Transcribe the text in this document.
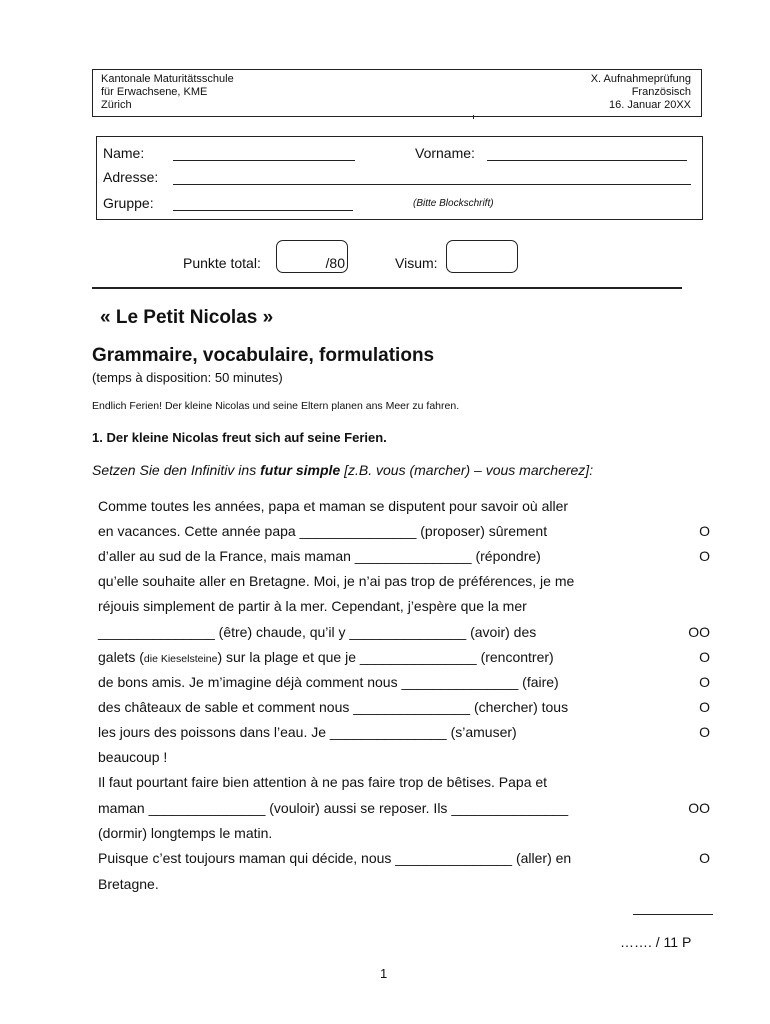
Kantonale Maturitätsschule
für Erwachsene, KME
Zürich
X. Aufnahmeprüfung
Französisch
16. Januar 20XX
Name:	Vorname:
Adresse:
Gruppe:	(Bitte Blockschrift)
Punkte total:	/80	Visum:
« Le Petit Nicolas »
Grammaire, vocabulaire, formulations
(temps à disposition: 50 minutes)
Endlich Ferien! Der kleine Nicolas und seine Eltern planen ans Meer zu fahren.
1. Der kleine Nicolas freut sich auf seine Ferien.
Setzen Sie den Infinitiv ins futur simple [z.B. vous (marcher) – vous marcherez]:
Comme toutes les années, papa et maman se disputent pour savoir où aller
en vacances. Cette année papa _______________ (proposer) sûrement	O
d’aller au sud de la France, mais maman _______________ (répondre)	O
qu’elle souhaite aller en Bretagne. Moi, je n’ai pas trop de préférences, je me
réjouis simplement de partir à la mer. Cependant, j’espère que la mer
_______________ (être) chaude, qu’il y _______________ (avoir) des	OO
galets (die Kieselsteine) sur la plage et que je _______________ (rencontrer)	O
de bons amis. Je m’imagine déjà comment nous _______________ (faire)	O
des châteaux de sable et comment nous _______________ (chercher) tous	O
les jours des poissons dans l’eau. Je _______________ (s’amuser)	O
beaucoup !
Il faut pourtant faire bien attention à ne pas faire trop de bêtises. Papa et
maman _______________ (vouloir) aussi se reposer. Ils _______________	OO
(dormir) longtemps le matin.
Puisque c’est toujours maman qui décide, nous _______________ (aller) en	O
Bretagne.
……. / 11 P
1
